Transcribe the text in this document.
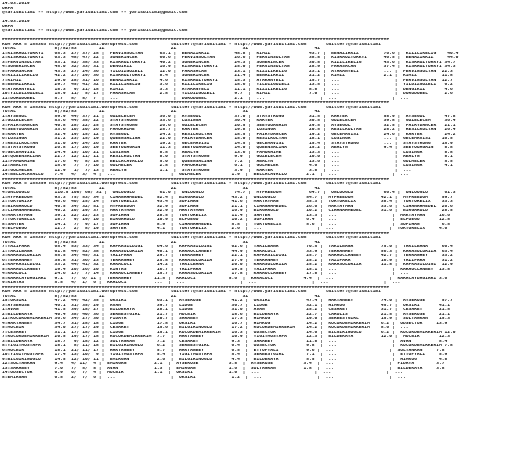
14.03.2019
URFA
@YarisBilimi -- http://www.yarisbilimi.com -- yarisbilimi@gmail.com

14.03.2019
URFA
@YarisBilimi -- http://www.yarisbilimi.com -- yarisbilimi@gmail.com

############################################################################################################################################
KUM ARA = 155363 http://yarisbilimi.wordpress.com            twitter:@YarisBilimi - http://www.yarisbilimi.com       twitter:@YarisBilimi
TOTAL              8|/82/83        1Z                        2Z                        3Z                        4Z
1:KISRAOZTURKYI    65.3  27/ 37/ 28 |  PERVINSULTAN      63.1 |  BENAZIRKIZ         48.8 |  KIMIZ              43.7 |  BENAZIRKIZ         76.6 |  KIZILIKELIG    40.4
2:KISRAOZTURKYI    63.3  48/ 47/ 22 |  SONERINCEK        60.6 |  PERVINSULTAN       26.6 |  PERVINSULTAN       38.8 |  KISRAOZTURKYI      46.5 |  BENAZIRKIZ     44.0
3:PERVINSULTAN     53.1  52/ 38/ 33 |  KISRAOZTURKYI     40.2 |  SONERINCEK         24.3 |  SONERINCEK         30.8 |  KIZILIKELIG        43.6 |  KISRAOZTURKYI 34.7
4:SONERINCEK       45.0  32/ 33/ 31 |  DENGIKIZ          16.9 |  KISRAOZTURKYI      25.0 |  PERVINSULTAN       28.9 |  PARASACAN          37.4 |  KISRAOZTURKYI 34.3
5:PARASACAN        43.3  27/ 24/ 36 |  YILDIZGUZELI      12.0 |  PARASACAN          23.1 |  KIZILIKELIG        23.1 |  ATAKANYELI         ... |  PERVINSULTAN  22.3
6:KIZILIKELIG      42.2  27/ 29/ 36 |  KISRAOZTURKYI     8.4  |  SONERINCEK         21.4 |  BENAZIRKIZ         21.2 |  KIMIZ              2.1 |  KIMIZ         11.8
7:KIMIZ            29.0  28/ 31/ 16 |  BENAZIRKIZ        4.6  |  KISRAOZTURKYI      15.3 |  ATAKANYELI         15.7 |  ...                    |  PERVINSULTAN  12.7
8:BENAZIRKIZ       29.7  45/ 41/ 32 |  KIZILIKELIG       3.6  |  KIZILIKELIG        18.6 |  YILDIZGUZELI       13.5 |  ...                    |  YILDIZGUZELI   6.2
9:ATAKANYELI       18.3   9/ 21/ 18 |  KIMIZ             3.3  |  ATAKANYELI         11.1 |  KIZILIKELIG        8.8  |  ...                    |  DENGIKIZ       4.6
10:YILDIZGUZELI    15.9  11/  5/ 17 |  PARASACAN         2.8  |  YILDIZGUZELI       9.7  |  KIMIZ              7.0  |  ...                    |  DORUDOBEL      2.6
11:DORUDOBEL       5.7   8/  8/  7  |  ...                    |  DORUDOBEL          2.1  |  ...                    |  ...                    |  ...
############################################################################################################################################
KUM ARA = 155361 http://yarisbilimi.wordpress.com            twitter:@YarisBilimi - http://www.yarisbilimi.com       twitter:@YarisBilimi
TOTAL              8|/82/83        1Z                        2Z                        3Z                        4Z
1:AYSEGUL          59.9  44/ 37/ 21 |  GUZELECEM         36.0 |  AYSEGUL            37.0 |  STAYSTRONG         31.5 |  KARTEK             58.9 |  AYSEGUL       47.8
2:GUZELECEM        53.6  44/ 35/ 22 |  STAYSTRONG        33.6 |  LUSINGA            30.4 |  KARTEK             30.5 |  GUZELECEM          39.8 |  GUZELECEM     36.4
3:FAIRYDANCER      40.8  28/ 22/ 25 |  STAYSTRONG        26.6 |  GUZELECEM          20.5 |  SEEYOUAGAIN        29.5 |  AYSEGUL            32.5 |  FAIRYDANCER   21.1
4:SEEYOUAGAIN      33.6  10/ 20/ 26 |  PAMUKHIME         25.7 |  KARTEK             19.8 |  LUSINGA            20.5 |  RESILKULTAN        28.2 |  RESILKULTAN   26.4
5:KARTEK           32.4  19/ 15/ 12 |  AYSEGUL           24.2 |  RESILKULTAN        18.5 |  FAIRYDANCER        19.2 |  GECEMAVISI         24.6 |  KARTEK        24.2
6:LUSINGA          31.2  23/ 15/ 19 |  QUEENSALINA       22.0 |  FAIRYDANCER        15.0 |  RESILKULTAN        18.1 |  LUSINGA            ... |  GECEMAVISI    16.5
7:RESILKULTAN      31.0  24/ 24/ 26 |  KARTEK            19.2 |  GECEMAVISI         14.5 |  GECEMAVISI         15.4 |  STAYSTRONG         ... |  STAYSTRONG    15.9
8:STAYSTRONG       26.8  17/ 20/ 19 |  SEEYOUAGAIN       11.3 |  SEEYOUAGAIN        14.0 |  QUEENSALINA        15.2 |  ABALYN             9.4 |  SEEYOUAGAIN    8.8
9:GECEMAVISI       24.4  15/ 10/ 21 |  LUSINGA           8.8  |  ABALYN             13.6 |  PAMUKHIME          13.3 |  ...                    |  LUSINGA        8.8
10:QUEENSALINA     22.7  12/ 11/ 11 |  RESILKULTAN       8.0  |  STAYSTRONG         9.9  |  GUZELECEM          10.0 |  ...                    |  ABALYN         8.1
11:PAMUKHIME       17.6   4/  8/ 18 |  BELLACAVALLO      5.0  |  QUEENSALINA        7.2  |  ABALYN             13.6 |  ...                    |  GULMELEK       5.5
12:ABALYN          15.9   7/  7/ 10 |  GULMELEK          2.8  |  PAMUKHIME          6.1  |  GULMELEK           4.6  |  ...                    |  LUSINGA        4.1
13:GULMELEK        12.9   1/  7/ 13 |  ABALYN            1.1  |  STAYSTRONG         3.9  |  KARTEK             3.8  |  ...                    |  ...
14:BELLACAVALLO    7.4   4/  3/  4 |  ...                    |  GULMELEK           1.9  |  BELLACAVALLO       2.1  |  ...                    |  ...
############################################################################################################################################
KUM ARA = 155359 http://yarisbilimi.wordpress.com            twitter:@YarisBilimi - http://www.yarisbilimi.com       twitter:@YarisBilimi
TOTAL              8|/82/83        1Z                        2Z                        3Z                        4Z
4:ONLOOGLU         110.5 106/ 68/ 31 |  ONLOOGLU         61.0 |  ONLOOGLU           74.7 |  MYFREEDOM          64.7 |  ONLOOGLU           66.4 |  ONLOOGLU      61.3
1:MYFREEDOM        93.3  75/ 53/ 34 |  CIHANAHMEDEL     52.4 |  BIRGAROLD          43.2 |  ONLOOGLU           54.7 |  MYFREEDOM          42.1 |  MYFREEDOM     59.7
2:TOKTORIXF        46.6  40/ 25/ 24 |  TORTORELIX       43.4 |  SUFIHAN            41.6 |  MAKTAYMAN          35.3 |  TORTORELIX         38.4 |  TORTORELIX    33.3
5:BIRGAROLD        40.5  34/ 32/ 51 |  MYFREEDOM        32.9 |  SUFIHAN            21.1 |  CIHANAHMEDEL       26.6 |  MAKTAYMAN          33.6 |  CIHANAHMEDEL  26.6
3:CIHANAHMEDEL     40.2  20/ 29/ 37 |  MAKTAYMAN        32.9 |  MAKTAYMAN          16.9 |  BIRGAROLD          10.2 |  CIHANAHMEDEL       31.6 |  BIRGAROLD     28.5
6:MAKTAYMAN        39.1  22/ 22/ 23 |  SUFIHAN          28.5 |  TORTORELIX         11.4 |  SAMTER             13.3 |  ...                    |  MAKTAYMAN     16.6
7:TOKTORELIX       18.7   9/ 19/ 10 |  BIRGAROLD        10.9 |  ELFUEGO            10.2 |  SUFIHAN            6.4  |  ...                    |  ELFUEGO       12.8
8:SAMTER           14.1   7/  9/ 17 |  SUFIHAN          8.9  |  CIHANAHMEDEL       5.8  |  TOKTORELIX         5.6  |  ...                    |  SUFIHAN        6.5
9:ELFUEGO          12.7   2/  8/ 19 |  SAMTER           4.1  |  TOKTORELIX         2.6  |  ...                    |  ...                    |  TOKTORELIX     4.6
############################################################################################################################################
KUM ARA = 155357 http://yarisbilimi.wordpress.com            twitter:@YarisBilimi - http://www.yarisbilimi.com       twitter:@YarisBilimi
TOTAL              8|/82/83        1Z                        2Z                        3Z                        4Z
7:YAZIFARA         65.4  53/ 33/ 34 |  KAFKASILDIGI     64.6 |  KAFKASILDIGI       62.6 |  TAKILBANA          70.5 |  TAKILBANA          75.0 |  TAKILBANA     66.4
1:TAKILBANA        61.8  44/ 52/ 38 |  KARASULURIZA     48.1 |  KARAOCLANBEY       44.9 |  KAKALOCI           33.9 |  TERRANHEY          56.3 |  KARASULURIZA  63.4
3:KARASULURIZA     55.5  34/ 45/ 31 |  YAZIFARA         29.7 |  TERRANHEY          22.1 |  KAFKASILDIGI       25.7 |  KARAOCLANBEY       42.7 |  TERRANHEY     33.2
6:TERRANHEY        38.8  31/ 36/ 23 |  TERRANHEY        25.8 |  KARASULURIZA       27.9 |  TERRANHEY          25.2 |  YAZIFARA           16.9 |  YAZIFARA      31.2
1:KAFKASILDIGI     33.2  44/ 41/ 32 |  KAKALOCI         14.2 |  TAKILBANA          20.0 |  KARASULURIZA       25.2 |  KARASULURIZA       11.8 |  KAFKASILDIGI  12.9
5:KARAOCLANBEY     19.4  20/ 26/ 20 |  KIWTAS           16.7 |  YAZIFARA           19.5 |  YAZIFARA           15.1 |  ...                    |  KARAOCLANBEY  13.8
4:KRALOCI          24.6  17/  7/ 14 |  KARAOCLANBEY     15.7 |  KARASULURIZA       17.8 |  KARAOCLANBEY       17.8 |  ...                    |  ...
8:KARACAYDAGIARI   9.1   7/  6/ 11 |  TERRANHEY        11.5 |  KRALOCI            5.6  |  KAKALOCI           4.4  |  ...                    |  KARACAYDAGIARI 3.6
9:KIWTAS           5.5   4/  1/  6 |  KRALOCI          ...  |  ...                    |  ...                    |  ...                    |  ...
############################################################################################################################################
KUM ARA = 155355 http://yarisbilimi.wordpress.com            twitter:@YarisBilimi - http://www.yarisbilimi.com       twitter:@YarisBilimi
TOTAL              8|/82/83        1Z                        2Z                        3Z                        4Z
15:OKSIRI          47.2  44/ 42/ 35 |  OKSIRI           63.1 |  AYSEROSE           41.2 |  OKSIRI             47.4 |  HAKTANBEY          74.0 |  AYSEROSE      57.7
3:AYSEROSE         46.1  31/ 35/ 29 |  AVAN             39.7 |  LIDGE              30.7 |  LIDGE              32.1 |  HIMKOG             45.7 |  OKSIRI       41.1
1:AVAN             41.5  39/ 18/ 27 |  BILDEKAYA        28.1 |  LIDGE              31.0 |  AVAN               25.2 |  CESARET            31.7 |  CESARET      21.5
2:BILDEKAYA        40.4  38/ 40/ 36 |  SERBESTGIRL      21.7 |  MUCBIR             18.6 |  BILDEKAYA          22.7 |  CAROLIS            21.5 |  AYSEROSE     21.1
11:KUCUKDEMIRKERIM 36.6  34/ 27/ 30 |  PIDAYA           20.7 |  SARABEY            17.3 |  HIMKOG             19.0 |  SERBESTGIRL        15.9 |  SULTANKAN    15.3
4:HAKTANBEY        34.7  31/ 28/ 18 |  LIDGE            17.8 |  OKSIRI             16.7 |  HIMKOG             14.2 |  KUCUKDEMIRKERIM    6.2 |  ODSECTUR     13.9
5:MUCBIR           34.0  27/ 17/ 29 |  CESARET          15.6 |  BILGIRINOGLU       17.2 |  KUCUKDEMIRKERIM    14.2 |  KUCUKDEMIRKERIM    8.6 |  ...
7:CESARET          31.1  17/ 18/ 38 |  LIDGE            15.1 |  KUCUKDEMIRKERIM    16.3 |  ODSECTUR           14.6 |  BILGIRINOGLU       6.2 |  KUCUKDEMIRKERIM 12.0
7:KUCUKDEMIRKERIM  20.5  19/ 17/ 18 |  KUCUKDEMIRKERIM  7.7  |  HAKTANBEY          10.9 |  YIGITMUSTAFA       12.3 |  BILDEKAYA          12.0 |  MUCBIR       12.3
3:BILDEKAYA        18.7   9/ 18/ 12 |  SULTANKAN        7.2  |  CESARET            9.3  |  SARABEY            11.8 |  ...                    |  AVAN          8.4
8:YIGITMUSTAFA     18.1   8/ 11/ 18 |  BILGIRINOGLU     6.2  |  SERBESTGIRL        6.4  |  ODSECTUR           9.8  |  ...                    |  KUCUKDEMIRKERIM 7.8
6:MUCBIR           18.1  21/ 11/ 17 |  HAKTANBEY        5.7  |  HAKTANBEY          6.5  |  ETTOPYALI          9.6 |  ...                    |  SULTANKAN     7.8
10:YIGITMUSTAFA    17.4  13/ 10/  9 |  YIGITMUSTAFA     5.4  |  YIGITMUSTAFA       5.4  |  SERBESTGIRL        7.1  |  ...                    |  ETTOPYALI     5.9
9:BILGIRINOGLU     14.5  12/ 10/ 11 |  EMIRGAN          2.6  |  BILGIRINOGLU       4.4  |  BILDEKAYA          5.5  |  ...                    |  HIMKOG        4.8
12:SULTANKAN       9.4   4/ 11/  4 |  EMIRGAN          2.1  |  AYSEROSE           3.8  |  AYSEROSE           3.4  |  ...                    |  PIDAYA        3.7
13:SARABEY         7.0   7/  5/  8 |  AVAN             1.3  |  EMIRGAN            1.6  |  SULTANKAN          1.8  |  ...                    |  BILDEKAYA     3.8
14:ODSECTUR        6.9   6/  7/  4 |  MUCBIR           1.1  |  OKSIRI             1.0  |  ...                    |  ...                    |  ...
8:EMIRGAN          6.5   2/  7/  6 |  ...                    |  OKSIRI             1.2  |  ...                    |  ...                    |  ...
